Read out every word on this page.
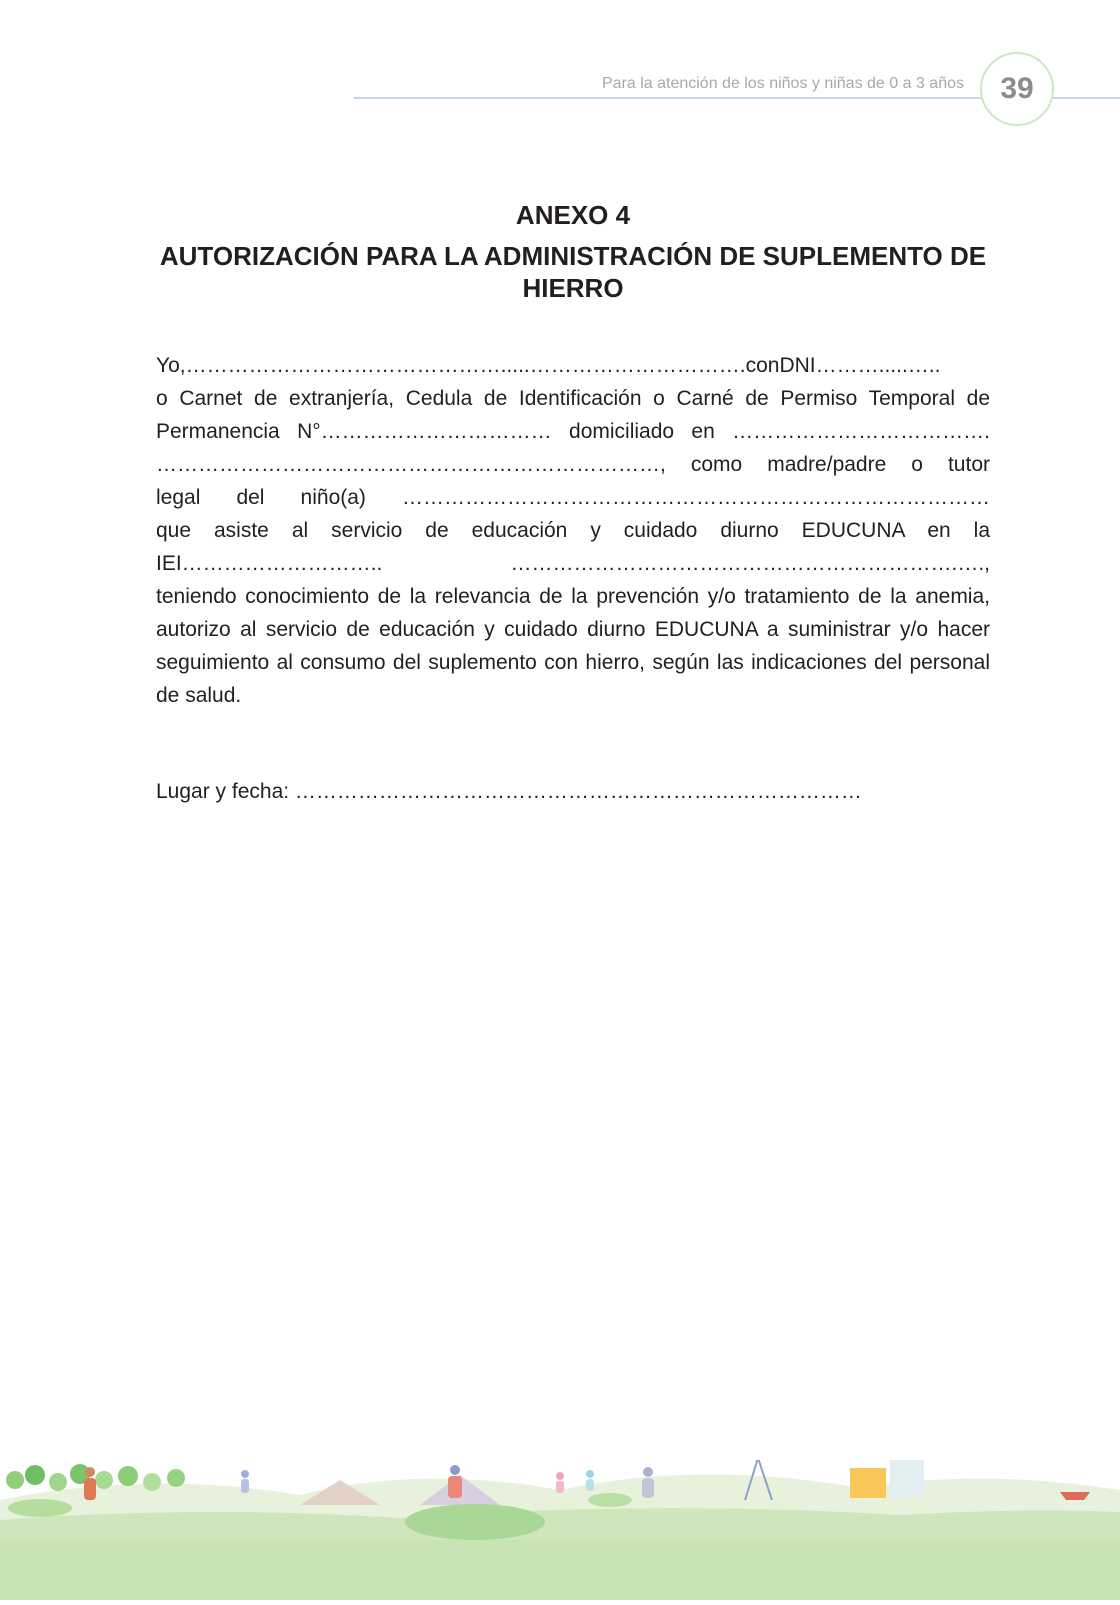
Para la atención de los niños y niñas de 0 a 3 años	39
ANEXO 4
AUTORIZACIÓN PARA LA ADMINISTRACIÓN DE SUPLEMENTO DE HIERRO

Yo,……………………………………….....………………………….conDNI……….....…..

o Carnet de extranjería, Cedula de Identificación o Carné de Permiso Temporal de

Permanencia N°…………………………… domiciliado en ……………………………….

………………………………………………………………, como madre/padre o tutor

legal del niño(a) …………………………………………………………………………

que asiste al servicio de educación y cuidado diurno EDUCUNA en la

IEI……………………….. ……………………………………………………….….,

teniendo conocimiento de la relevancia de la prevención y/o tratamiento de la anemia, autorizo al servicio de educación y cuidado diurno EDUCUNA a suministrar y/o hacer seguimiento al consumo del suplemento con hierro, según las indicaciones del personal de salud.

Lugar y fecha: ………………………………………………………………………
